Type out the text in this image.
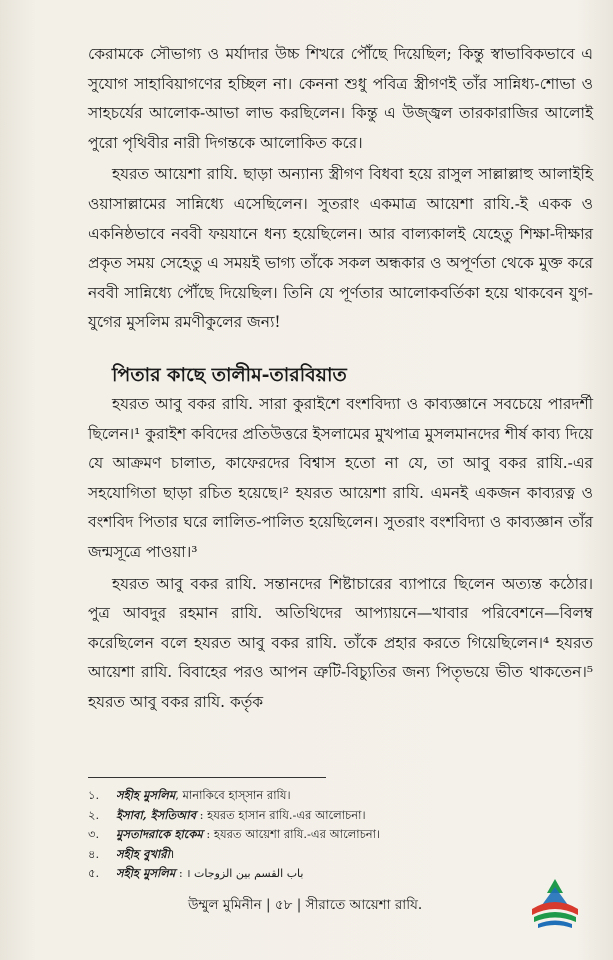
কেরামকে সৌভাগ্য ও মর্যাদার উচ্চ শিখরে পৌঁছে দিয়েছিল; কিন্তু স্বাভাবিকভাবে এ সুযোগ সাহাবিয়াগণের হচ্ছিল না। কেননা শুধু পবিত্র স্ত্রীগণই তাঁর সান্নিধ্য-শোভা ও সাহচর্যের আলোক-আভা লাভ করছিলেন। কিন্তু এ উজ্জ্বল তারকারাজির আলোই পুরো পৃথিবীর নারী দিগন্তকে আলোকিত করে।

হযরত আয়েশা রাযি. ছাড়া অন্যান্য স্ত্রীগণ বিধবা হয়ে রাসুল সাল্লাল্লাহু আলাইহি ওয়াসাল্লামের সান্নিধ্যে এসেছিলেন। সুতরাং একমাত্র আয়েশা রাযি.-ই একক ও একনিষ্ঠভাবে নববী ফয়যানে ধন্য হয়েছিলেন। আর বাল্যকালই যেহেতু শিক্ষা-দীক্ষার প্রকৃত সময় সেহেতু এ সময়ই ভাগ্য তাঁকে সকল অন্ধকার ও অপূর্ণতা থেকে মুক্ত করে নববী সান্নিধ্যে পৌঁছে দিয়েছিল। তিনি যে পূর্ণতার আলোকবর্তিকা হয়ে থাকবেন যুগ-যুগের মুসলিম রমণীকুলের জন্য!

পিতার কাছে তালীম-তারবিয়াত

হযরত আবু বকর রাযি. সারা কুরাইশে বংশবিদ্যা ও কাব্যজ্ঞানে সবচেয়ে পারদর্শী ছিলেন।¹ কুরাইশ কবিদের প্রতিউত্তরে ইসলামের মুখপাত্র মুসলমানদের শীর্ষ কাব্য দিয়ে যে আক্রমণ চালাত, কাফেরদের বিশ্বাস হতো না যে, তা আবু বকর রাযি.-এর সহযোগিতা ছাড়া রচিত হয়েছে।² হযরত আয়েশা রাযি. এমনই একজন কাব্যরত্ন ও বংশবিদ পিতার ঘরে লালিত-পালিত হয়েছিলেন। সুতরাং বংশবিদ্যা ও কাব্যজ্ঞান তাঁর জন্মসূত্রে পাওয়া।³

হযরত আবু বকর রাযি. সন্তানদের শিষ্টাচারের ব্যাপারে ছিলেন অত্যন্ত কঠোর। পুত্র আবদুর রহমান রাযি. অতিথিদের আপ্যায়নে—খাবার পরিবেশনে—বিলম্ব করেছিলেন বলে হযরত আবু বকর রাযি. তাঁকে প্রহার করতে গিয়েছিলেন।⁴ হযরত আয়েশা রাযি. বিবাহের পরও আপন ত্রুটি-বিচ্যুতির জন্য পিতৃভয়ে ভীত থাকতেন।⁵ হযরত আবু বকর রাযি. কর্তৃক

১. সহীহ মুসলিম, মানাকিবে হাস্সান রাযি।
২. ইসাবা, ইসতিআব : হযরত হাসান রাযি.-এর আলোচনা।
৩. মুসতাদরাকে হাকেম : হযরত আয়েশা রাযি.-এর আলোচনা।
৪. সহীহ বুখারী।
৫. সহীহ মুসলিম : باب القسم بين الزوجات ।
উম্মুল মুমিনীন | ৫৮ | সীরাতে আয়েশা রাযি.
